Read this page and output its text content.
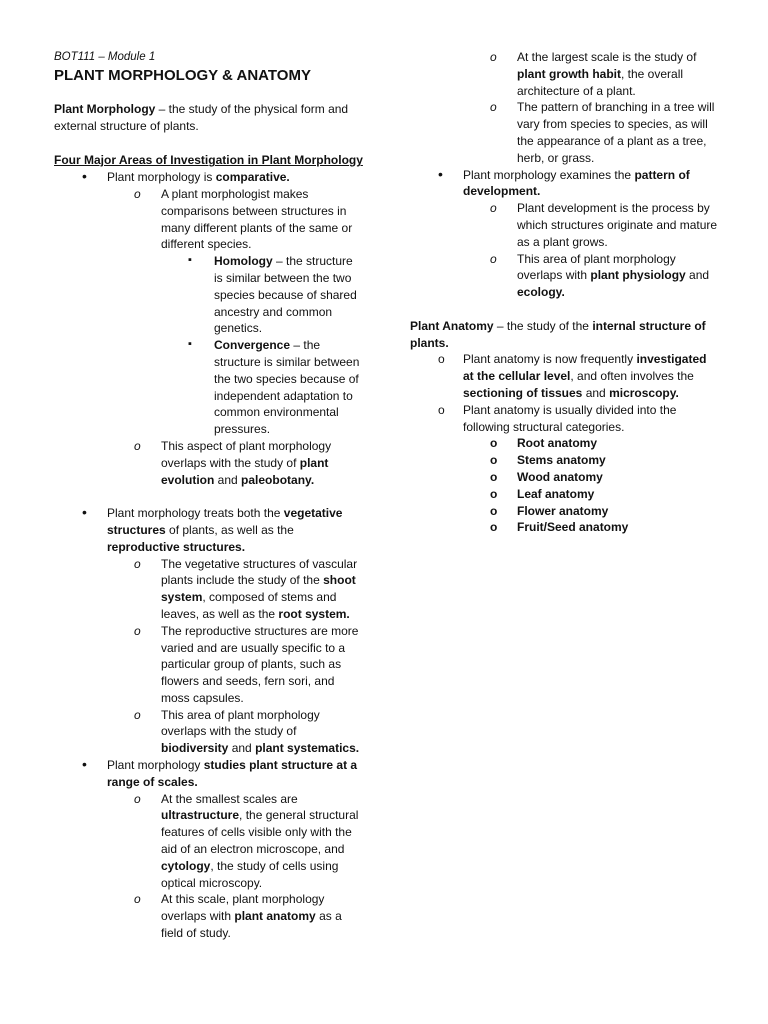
BOT111 – Module 1

PLANT MORPHOLOGY & ANATOMY

Plant Morphology – the study of the physical form and external structure of plants.

Four Major Areas of Investigation in Plant Morphology

• Plant morphology is comparative.
o A plant morphologist makes comparisons between structures in many different plants of the same or different species.
▪ Homology – the structure is similar between the two species because of shared ancestry and common genetics.
▪ Convergence – the structure is similar between the two species because of independent adaptation to common environmental pressures.
o This aspect of plant morphology overlaps with the study of plant evolution and paleobotany.
• Plant morphology treats both the vegetative structures of plants, as well as the reproductive structures.
o The vegetative structures of vascular plants include the study of the shoot system, composed of stems and leaves, as well as the root system.
o The reproductive structures are more varied and are usually specific to a particular group of plants, such as flowers and seeds, fern sori, and moss capsules.
o This area of plant morphology overlaps with the study of biodiversity and plant systematics.
• Plant morphology studies plant structure at a range of scales.
o At the smallest scales are ultrastructure, the general structural features of cells visible only with the aid of an electron microscope, and cytology, the study of cells using optical microscopy.
o At this scale, plant morphology overlaps with plant anatomy as a field of study.
o At the largest scale is the study of plant growth habit, the overall architecture of a plant.
o The pattern of branching in a tree will vary from species to species, as will the appearance of a plant as a tree, herb, or grass.
• Plant morphology examines the pattern of development.
o Plant development is the process by which structures originate and mature as a plant grows.
o This area of plant morphology overlaps with plant physiology and ecology.

Plant Anatomy – the study of the internal structure of plants.

o Plant anatomy is now frequently investigated at the cellular level, and often involves the sectioning of tissues and microscopy.
o Plant anatomy is usually divided into the following structural categories.
o Root anatomy
o Stems anatomy
o Wood anatomy
o Leaf anatomy
o Flower anatomy
o Fruit/Seed anatomy
